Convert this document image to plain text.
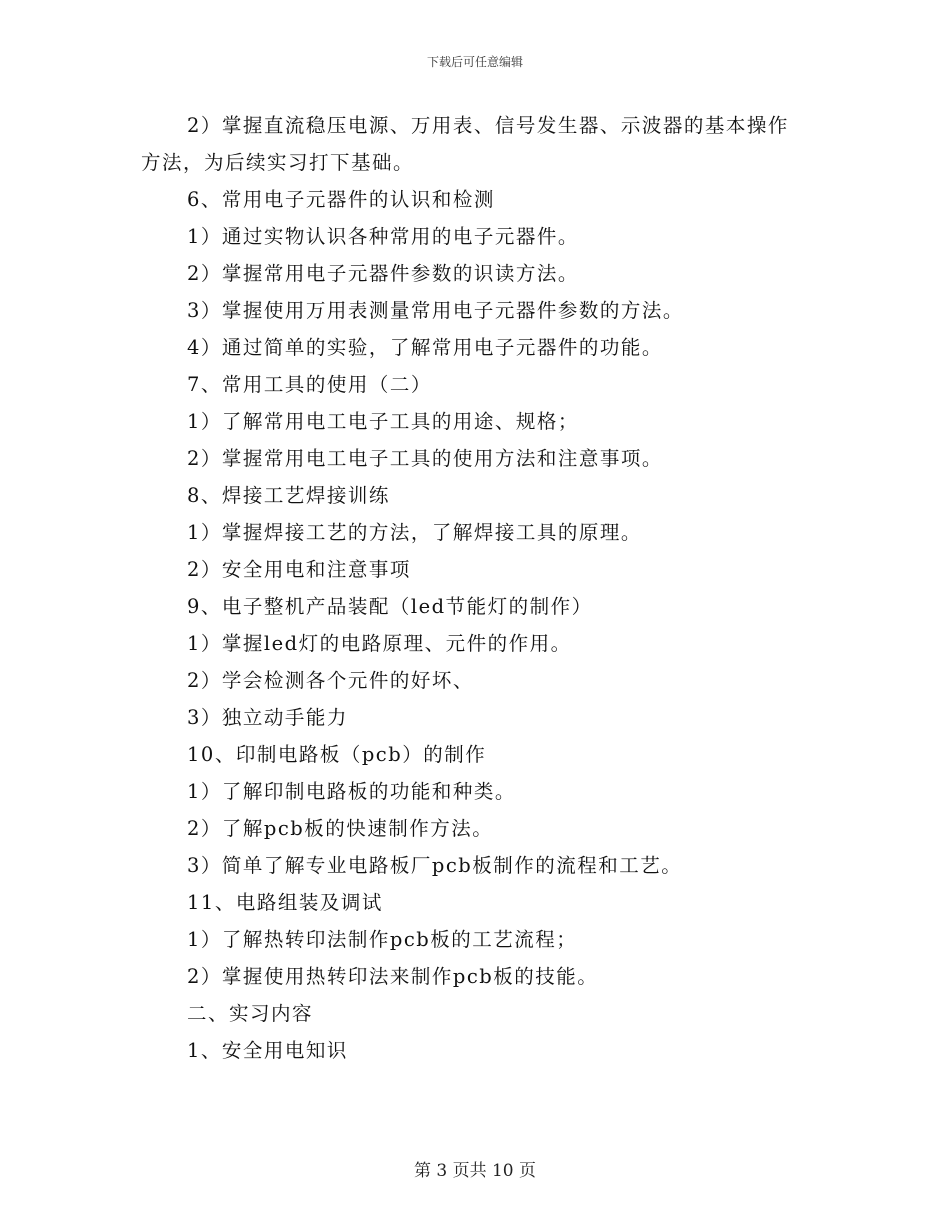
下载后可任意编辑
2）掌握直流稳压电源、万用表、信号发生器、示波器的基本操作
方法，为后续实习打下基础。
6、常用电子元器件的认识和检测
1）通过实物认识各种常用的电子元器件。
2）掌握常用电子元器件参数的识读方法。
3）掌握使用万用表测量常用电子元器件参数的方法。
4）通过简单的实验，了解常用电子元器件的功能。
7、常用工具的使用（二）
1）了解常用电工电子工具的用途、规格；
2）掌握常用电工电子工具的使用方法和注意事项。
8、焊接工艺焊接训练
1）掌握焊接工艺的方法，了解焊接工具的原理。
2）安全用电和注意事项
9、电子整机产品装配（led节能灯的制作）
1）掌握led灯的电路原理、元件的作用。
2）学会检测各个元件的好坏、
3）独立动手能力
10、印制电路板（pcb）的制作
1）了解印制电路板的功能和种类。
2）了解pcb板的快速制作方法。
3）简单了解专业电路板厂pcb板制作的流程和工艺。
11、电路组装及调试
1）了解热转印法制作pcb板的工艺流程；
2）掌握使用热转印法来制作pcb板的技能。
二、实习内容
1、安全用电知识
第 3 页共 10 页
